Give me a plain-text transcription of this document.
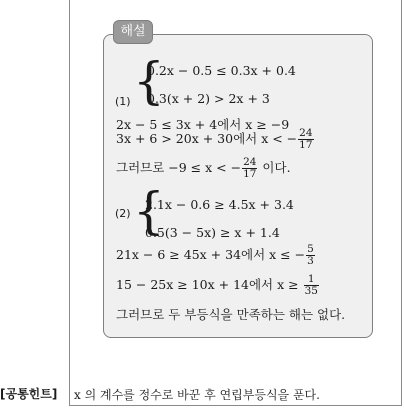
해설
(1) {
0.2x − 0.5 ≤ 0.3x + 0.4
0.3(x + 2) > 2x + 3
2x − 5 ≤ 3x + 4에서 x ≥ −9
3x + 6 > 20x + 30에서 x < − $\frac{24}{17}$
그러므로 −9 ≤ x < − $\frac{24}{17}$ 이다.
(2) {
2.1x − 0.6 ≥ 4.5x + 3.4
0.5(3 − 5x) ≥ x + 1.4
21x − 6 ≥ 45x + 34에서 x ≤ − $\frac{5}{3}$
15 − 25x ≥ 10x + 14에서 $x \ge \frac{1}{35}$
그러므로 두 부등식을 만족하는 해는 없다.
[공통힌트] x 의 계수를 정수로 바꾼 후 연립부등식을 푼다.
